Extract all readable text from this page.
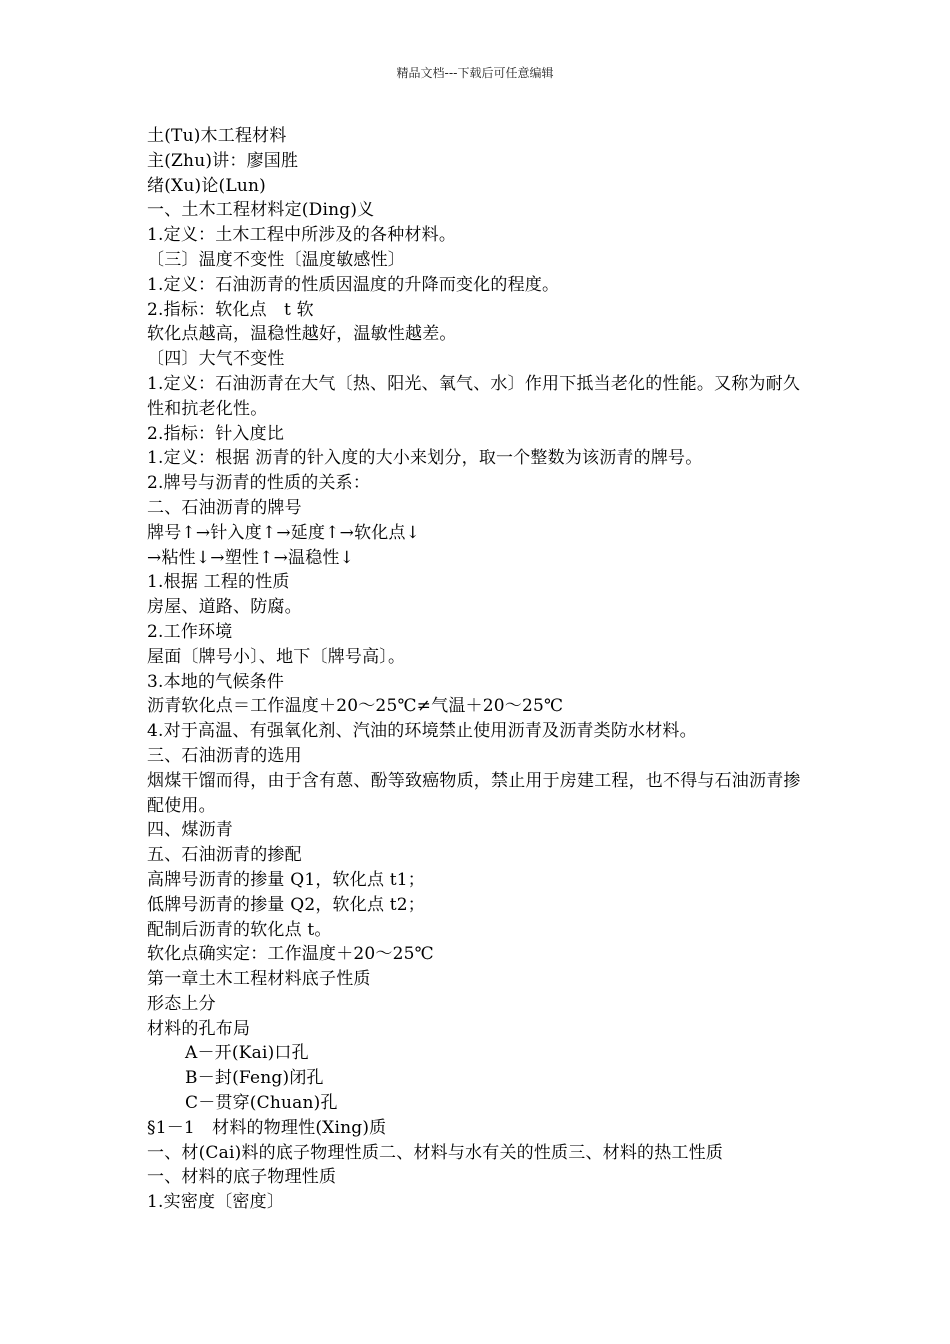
精品文档---下载后可任意编辑
土(Tu)木工程材料
主(Zhu)讲：廖国胜
绪(Xu)论(Lun)
一、土木工程材料定(Ding)义
1.定义：土木工程中所涉及的各种材料。
〔三〕温度不变性〔温度敏感性〕
1.定义：石油沥青的性质因温度的升降而变化的程度。
2.指标：软化点　t 软
软化点越高，温稳性越好，温敏性越差。
〔四〕大气不变性
1.定义：石油沥青在大气〔热、阳光、氧气、水〕作用下抵当老化的性能。又称为耐久性和抗老化性。
2.指标：针入度比
1.定义：根据 沥青的针入度的大小来划分，取一个整数为该沥青的牌号。
2.牌号与沥青的性质的关系：
二、石油沥青的牌号
牌号↑→针入度↑→延度↑→软化点↓
→粘性↓→塑性↑→温稳性↓
1.根据 工程的性质
房屋、道路、防腐。
2.工作环境
屋面〔牌号小〕、地下〔牌号高〕。
3.本地的气候条件
沥青软化点＝工作温度＋20～25℃≠气温＋20～25℃
4.对于高温、有强氧化剂、汽油的环境禁止使用沥青及沥青类防水材料。
三、石油沥青的选用
烟煤干馏而得，由于含有蒽、酚等致癌物质，禁止用于房建工程，也不得与石油沥青掺配使用。
四、煤沥青
五、石油沥青的掺配
高牌号沥青的掺量 Q1，软化点 t1；
低牌号沥青的掺量 Q2，软化点 t2；
配制后沥青的软化点 t。
软化点确实定：工作温度＋20～25℃
第一章土木工程材料底子性质
形态上分
材料的孔布局
A－开(Kai)口孔
B－封(Feng)闭孔
C－贯穿(Chuan)孔
§1－1　材料的物理性(Xing)质
一、材(Cai)料的底子物理性质二、材料与水有关的性质三、材料的热工性质
一、材料的底子物理性质
1.实密度〔密度〕
